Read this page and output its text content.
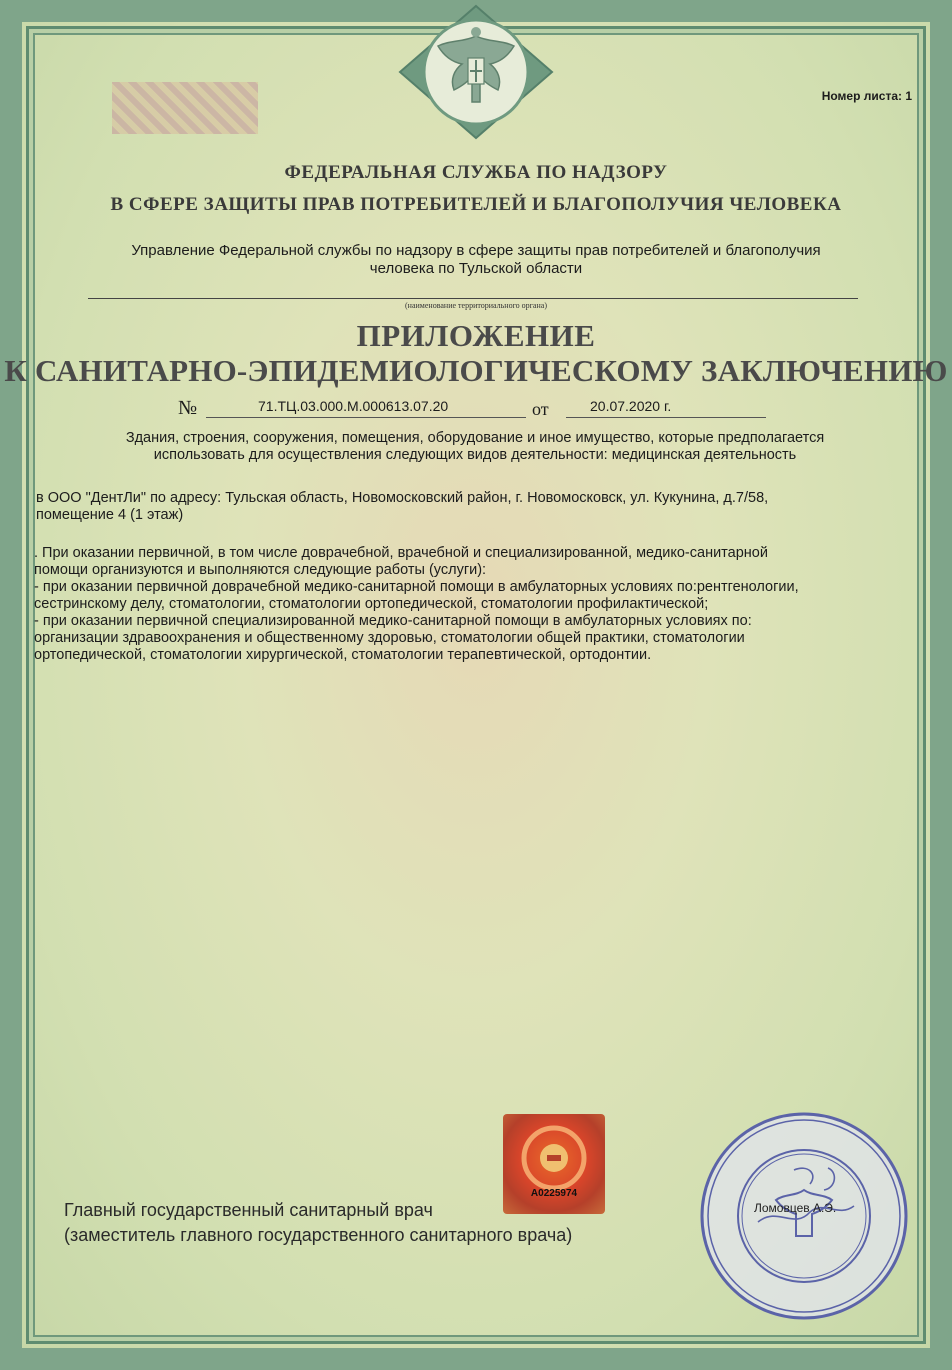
Номер листа: 1
ФЕДЕРАЛЬНАЯ СЛУЖБА ПО НАДЗОРУ
В СФЕРЕ ЗАЩИТЫ ПРАВ ПОТРЕБИТЕЛЕЙ И БЛАГОПОЛУЧИЯ ЧЕЛОВЕКА
Управление Федеральной службы по надзору в сфере защиты прав потребителей и благополучия
человека по Тульской области
(наименование территориального органа)
ПРИЛОЖЕНИЕ
К САНИТАРНО-ЭПИДЕМИОЛОГИЧЕСКОМУ ЗАКЛЮЧЕНИЮ
№	71.ТЦ.03.000.М.000613.07.20	от	20.07.2020 г.
Здания, строения, сооружения, помещения, оборудование и иное имущество, которые предполагается
использовать для осуществления следующих видов деятельности: медицинская деятельность
в ООО "ДентЛи" по адресу: Тульская область, Новомосковский район, г. Новомосковск, ул. Кукунина, д.7/58,
помещение 4 (1 этаж)
. При оказании первичной, в том числе доврачебной, врачебной и специализированной, медико-санитарной
помощи организуются и выполняются следующие работы (услуги):
- при оказании первичной доврачебной медико-санитарной помощи в амбулаторных условиях по:рентгенологии,
сестринскому делу, стоматологии, стоматологии ортопедической, стоматологии профилактической;
- при оказании первичной специализированной медико-санитарной помощи в амбулаторных условиях по:
организации здравоохранения и общественному здоровью, стоматологии общей практики, стоматологии
ортопедической, стоматологии хирургической, стоматологии терапевтической, ортодонтии.
Главный государственный санитарный врач
(заместитель главного государственного санитарного врача)
А0225974
Ломовцев А.Э.
